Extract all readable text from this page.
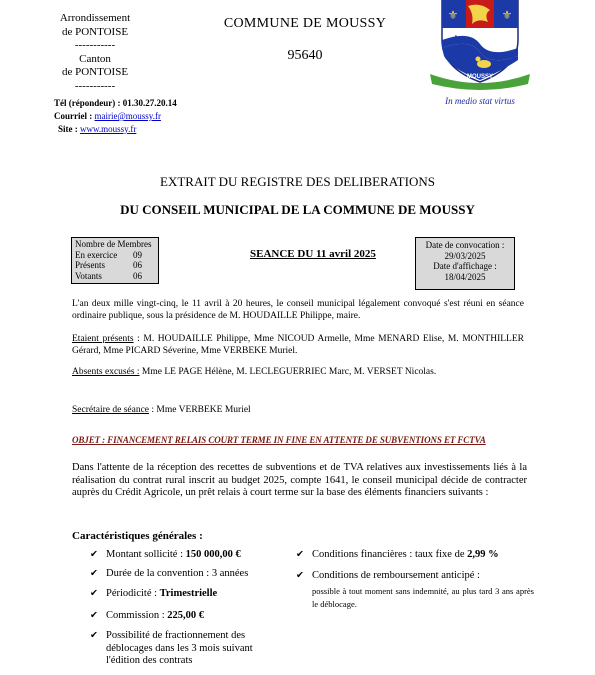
Arrondissement
de PONTOISE
-----------
Canton
de PONTOISE
-----------
Tél (répondeur) : 01.30.27.20.14
Courriel : mairie@moussy.fr
Site : www.moussy.fr
COMMUNE DE MOUSSY
95640
⚜	⚜
⚜
MOUSSY
In medio stat virtus
EXTRAIT DU REGISTRE DES DELIBERATIONS
DU CONSEIL MUNICIPAL DE LA COMMUNE DE MOUSSY
Nombre de Membres
En exercice	09
Présents	06
Votants	06
SEANCE DU 11 avril 2025
Date de convocation :
29/03/2025
Date d'affichage :
18/04/2025
L'an deux mille vingt-cinq, le 11 avril à 20 heures, le conseil municipal légalement convoqué s'est réuni en séance ordinaire publique, sous la présidence de M. HOUDAILLE Philippe, maire.
Etaient présents : M. HOUDAILLE Philippe, Mme NICOUD Armelle, Mme MENARD Elise, M. MONTHILLER Gérard, Mme PICARD Séverine, Mme VERBEKE Muriel.
Absents excusés : Mme LE PAGE Hélène, M. LECLEGUERRIEC Marc, M. VERSET Nicolas.
Secrétaire de séance : Mme VERBEKE Muriel
OBJET : FINANCEMENT RELAIS COURT TERME IN FINE EN ATTENTE DE SUBVENTIONS ET FCTVA
Dans l'attente de la réception des recettes de subventions et de TVA relatives aux investissements liés à la réalisation du contrat rural inscrit au budget 2025, compte 1641, le conseil municipal décide de contracter auprès du Crédit Agricole, un prêt relais à court terme sur la base des éléments financiers suivants :
Caractéristiques générales :
✔ Montant sollicité : 150 000,00 €
✔ Durée de la convention : 3 années
✔ Périodicité : Trimestrielle
✔ Commission : 225,00 €
✔ Possibilité de fractionnement des déblocages dans les 3 mois suivant l'édition des contrats
✔ Conditions financières : taux fixe de 2,99 %
✔ Conditions de remboursement anticipé :
possible à tout moment sans indemnité, au plus tard 3 ans après le déblocage.
